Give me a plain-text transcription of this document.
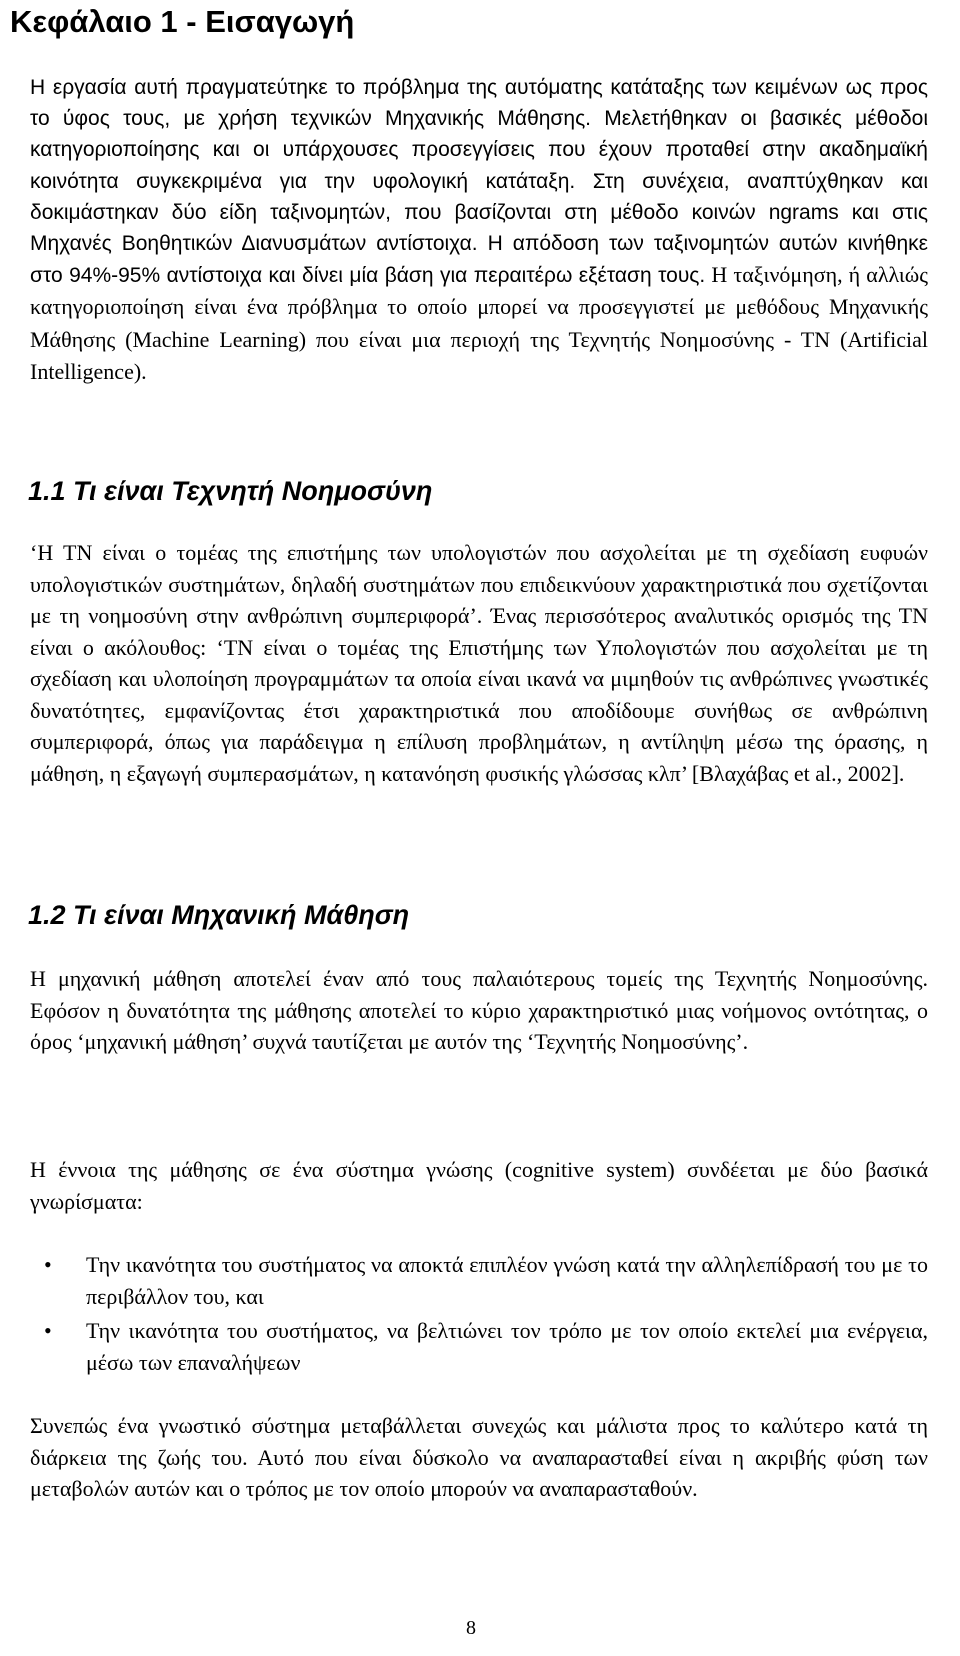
Κεφάλαιο 1 - Εισαγωγή

Η εργασία αυτή πραγματεύτηκε το πρόβλημα της αυτόματης κατάταξης των κειμένων ως προς το ύφος τους, με χρήση τεχνικών Μηχανικής Μάθησης. Μελετήθηκαν οι βασικές μέθοδοι κατηγοριοποίησης και οι υπάρχουσες προσεγγίσεις που έχουν προταθεί στην ακαδημαϊκή κοινότητα συγκεκριμένα για την υφολογική κατάταξη. Στη συνέχεια, αναπτύχθηκαν και δοκιμάστηκαν δύο είδη ταξινομητών, που βασίζονται στη μέθοδο κοινών ngrams και στις Μηχανές Βοηθητικών Διανυσμάτων αντίστοιχα. Η απόδοση των ταξινομητών αυτών κινήθηκε στο 94%-95% αντίστοιχα και δίνει μία βάση για περαιτέρω εξέταση τους. Η ταξινόμηση, ή αλλιώς κατηγοριοποίηση είναι ένα πρόβλημα το οποίο μπορεί να προσεγγιστεί με μεθόδους Μηχανικής Μάθησης (Machine Learning) που είναι μια περιοχή της Τεχνητής Νοημοσύνης - ΤΝ (Artificial Intelligence).

1.1 Τι είναι Τεχνητή Νοημοσύνη

‘Η ΤΝ είναι ο τομέας της επιστήμης των υπολογιστών που ασχολείται με τη σχεδίαση ευφυών υπολογιστικών συστημάτων, δηλαδή συστημάτων που επιδεικνύουν χαρακτηριστικά που σχετίζονται με τη νοημοσύνη στην ανθρώπινη συμπεριφορά’. Ένας περισσότερος αναλυτικός ορισμός της ΤΝ είναι ο ακόλουθος: ‘ΤΝ είναι ο τομέας της Επιστήμης των Υπολογιστών που ασχολείται με τη σχεδίαση και υλοποίηση προγραμμάτων τα οποία είναι ικανά να μιμηθούν τις ανθρώπινες γνωστικές δυνατότητες, εμφανίζοντας έτσι χαρακτηριστικά που αποδίδουμε συνήθως σε ανθρώπινη συμπεριφορά, όπως για παράδειγμα η επίλυση προβλημάτων, η αντίληψη μέσω της όρασης, η μάθηση, η εξαγωγή συμπερασμάτων, η κατανόηση φυσικής γλώσσας κλπ’ [Βλαχάβας et al., 2002].

1.2 Τι είναι Μηχανική Μάθηση

Η μηχανική μάθηση αποτελεί έναν από τους παλαιότερους τομείς της Τεχνητής Νοημοσύνης. Εφόσον η δυνατότητα της μάθησης αποτελεί το κύριο χαρακτηριστικό μιας νοήμονος οντότητας, ο όρος ‘μηχανική μάθηση’ συχνά ταυτίζεται με αυτόν της ‘Τεχνητής Νοημοσύνης’.

Η έννοια της μάθησης σε ένα σύστημα γνώσης (cognitive system) συνδέεται με δύο βασικά γνωρίσματα:

• Την ικανότητα του συστήματος να αποκτά επιπλέον γνώση κατά την αλληλεπίδρασή του με το περιβάλλον του, και
• Την ικανότητα του συστήματος, να βελτιώνει τον τρόπο με τον οποίο εκτελεί μια ενέργεια, μέσω των επαναλήψεων

Συνεπώς ένα γνωστικό σύστημα μεταβάλλεται συνεχώς και μάλιστα προς το καλύτερο κατά τη διάρκεια της ζωής του. Αυτό που είναι δύσκολο να αναπαρασταθεί είναι η ακριβής φύση των μεταβολών αυτών και ο τρόπος με τον οποίο μπορούν να αναπαρασταθούν.

8
